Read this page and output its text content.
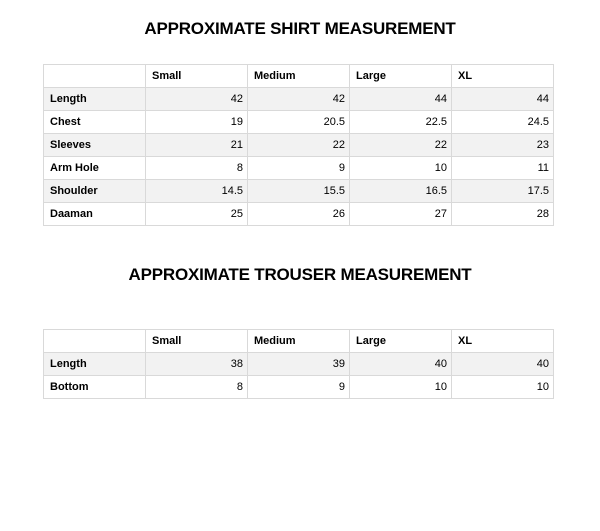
APPROXIMATE SHIRT MEASUREMENT
	Small	Medium	Large	XL
Length	42	42	44	44
Chest	19	20.5	22.5	24.5
Sleeves	21	22	22	23
Arm Hole	8	9	10	11
Shoulder	14.5	15.5	16.5	17.5
Daaman	25	26	27	28
APPROXIMATE TROUSER MEASUREMENT
	Small	Medium	Large	XL
Length	38	39	40	40
Bottom	8	9	10	10
